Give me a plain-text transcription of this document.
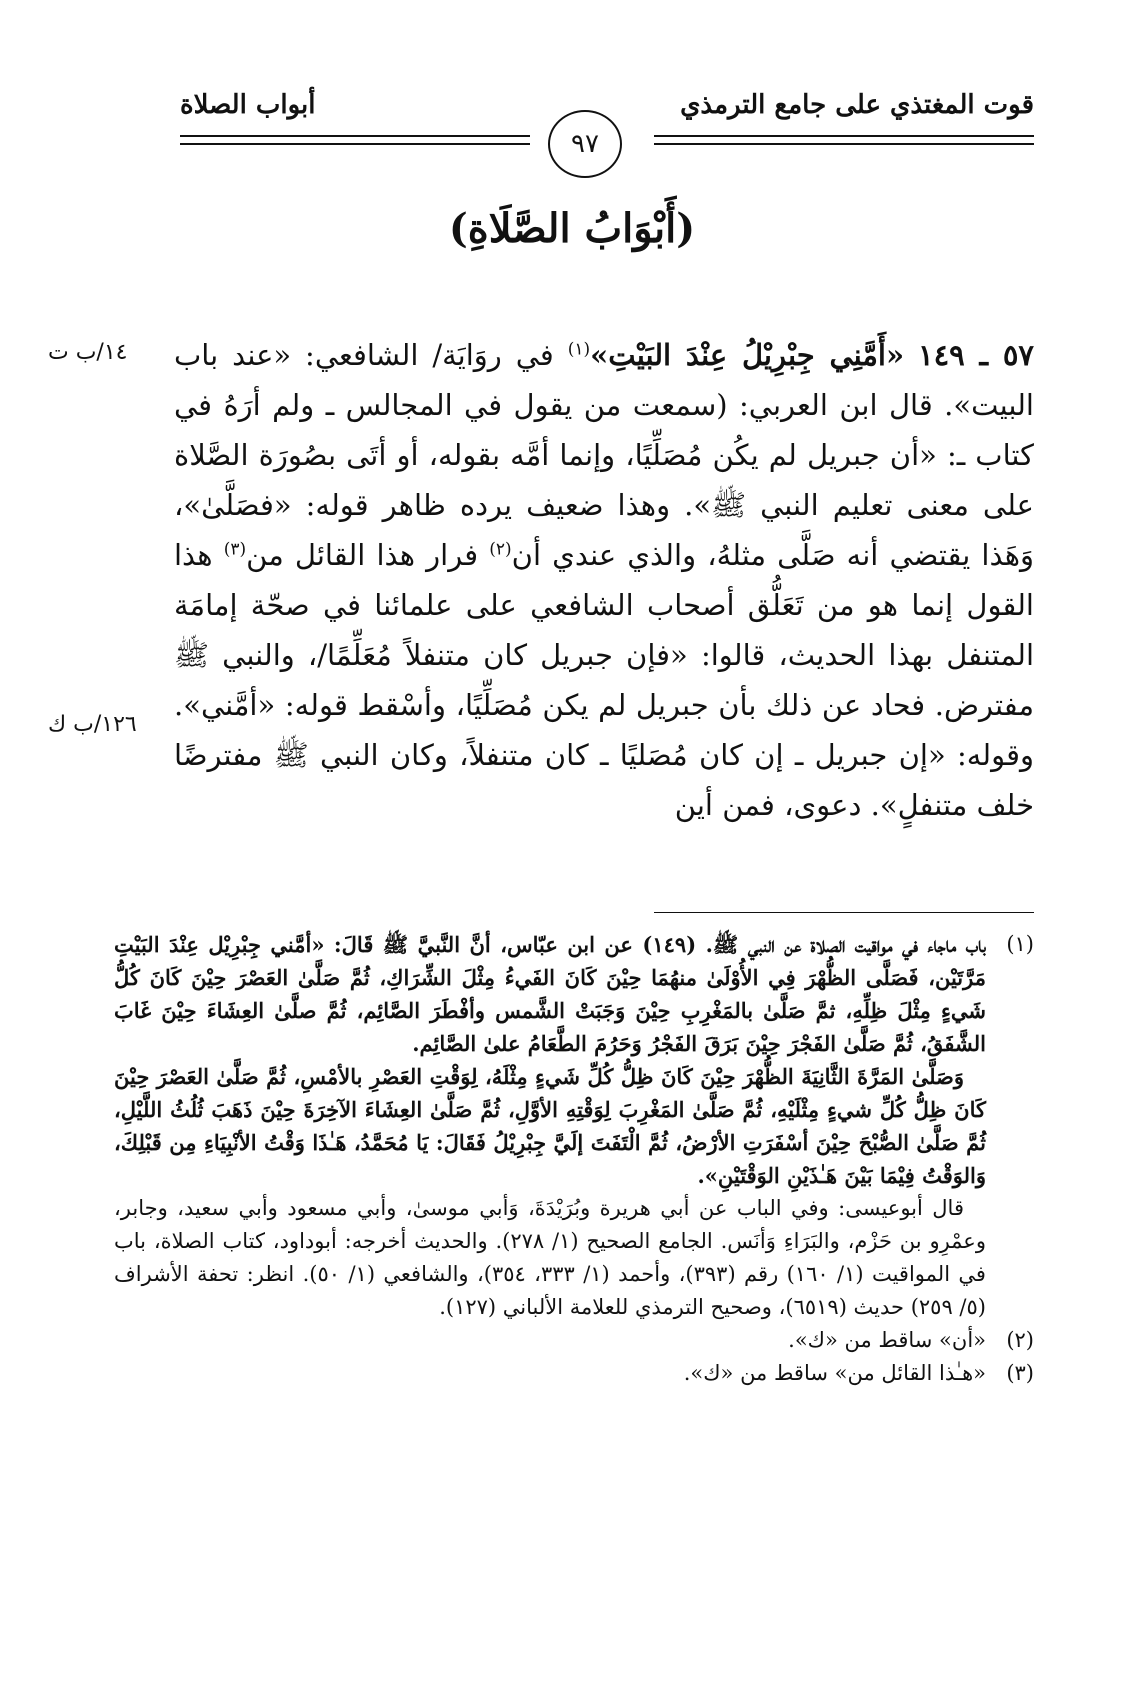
قوت المغتذي على جامع الترمذي
أبواب الصلاة
٩٧
(أَبْوَابُ الصَّلَاةِ)
١٤/ب ت
١٢٦/ب ك

٥٧ ـ ١٤٩ «أَمَّنِي جِبْرِيْلُ عِنْدَ البَيْتِ»$^{(١)}$ في روَايَة/ الشافعي: «عند باب البيت». قال ابن العربي: (سمعت من يقول في المجالس ـ ولم أرَهُ في كتاب ـ: «أن جبريل لم يكُن مُصَلِّيًا، وإنما أمَّه بقوله، أو أتَى بصُورَة الصَّلاة على معنى تعليم النبي ﷺ». وهذا ضعيف يرده ظاهر قوله: «فصَلَّىٰ»، وَهَذا يقتضي أنه صَلَّى مثلهُ، والذي عندي أن$^{(٢)}$ فرار هذا القائل من$^{(٣)}$ هذا القول إنما هو من تَعَلُّق أصحاب الشافعي على علمائنا في صحّة إمامَة المتنفل بهذا الحديث، قالوا: «فإن جبريل كان متنفلاً مُعَلِّمًا/، والنبي ﷺ مفترض. فحاد عن ذلك بأن جبريل لم يكن مُصَلِّيًا، وأسْقط قوله: «أمَّني». وقوله: «إن جبريل ـ إن كان مُصَليًا ـ كان متنفلاً، وكان النبي ﷺ مفترضًا خلف متنفلٍ». دعوى، فمن أين

(١)

باب ماجاء في مواقيت الصلاة عن النبي ﷺ. (١٤٩) عن ابن عبّاس، أنَّ النَّبيَّ ﷺ قَالَ: «أمَّني جِبْرِيْل عِنْدَ البَيْتِ مَرَّتَيْن، فَصَلَّى الظُّهْرَ فِي الأُوْلَىٰ منهُمَا حِيْنَ كَانَ الفَيءُ مِثْلَ الشِّرَاكِ، ثُمَّ صَلَّىٰ العَصْرَ حِيْنَ كَانَ كُلُّ شَيءٍ مِثْلَ ظِلِّهِ، ثمَّ صَلَّىٰ بالمَغْرِبِ حِيْنَ وَجَبَتْ الشَّمس وأفْطَرَ الصَّائِم، ثُمَّ صلَّىٰ العِشَاءَ حِيْنَ غَابَ الشَّفَقُ، ثُمَّ صَلَّىٰ الفَجْرَ حِيْنَ بَرَقَ الفَجْرُ وَحَرُمَ الطَّعَامُ علىٰ الصَّائِم.

وَصَلَّىٰ المَرَّةَ الثَّانِيَةَ الظُّهْرَ حِيْنَ كَانَ ظِلُّ كُلِّ شَيءٍ مِثْلَهُ، لِوَقْتِ العَصْرِ بالأمْسِ، ثُمَّ صَلَّىٰ العَصْرَ حِيْنَ كَانَ ظِلُّ كُلِّ شيءٍ مِثْلَيْهِ، ثُمَّ صَلَّىٰ المَغْرِبَ لِوَقْتِهِ الأوَّلِ، ثُمَّ صَلَّىٰ العِشَاءَ الآخِرَةَ حِيْنَ ذَهَبَ ثُلُثُ اللَّيْلِ، ثُمَّ صَلَّىٰ الصُّبْحَ حِيْنَ أسْفَرَتِ الأرْضُ، ثُمَّ الْتَفَتَ إلَيَّ جِبْرِيْلُ فَقَالَ: يَا مُحَمَّدُ، هَـٰذَا وَقْتُ الأنْبِيَاءِ مِن قَبْلِكَ، وَالوَقْتُ فِيْمَا بَيْنَ هَـٰذَيْنِ الوَقْتَيْنِ».

قال أبوعيسى: وفي الباب عن أبي هريرة وبُرَيْدَةَ، وَأبي موسىٰ، وأبي مسعود وأبي سعيد، وجابر، وعمْرِو بن حَزْم، والبَرَاءِ وَأنَس. الجامع الصحيح (١/ ٢٧٨). والحديث أخرجه: أبوداود، كتاب الصلاة، باب في المواقيت (١/ ١٦٠) رقم (٣٩٣)، وأحمد (١/ ٣٣٣، ٣٥٤)، والشافعي (١/ ٥٠). انظر: تحفة الأشراف (٥/ ٢٥٩) حديث (٦٥١٩)، وصحيح الترمذي للعلامة الألباني (١٢٧).

(٢)

«أن» ساقط من «ك».

(٣)

«هـٰذا القائل من» ساقط من «ك».
